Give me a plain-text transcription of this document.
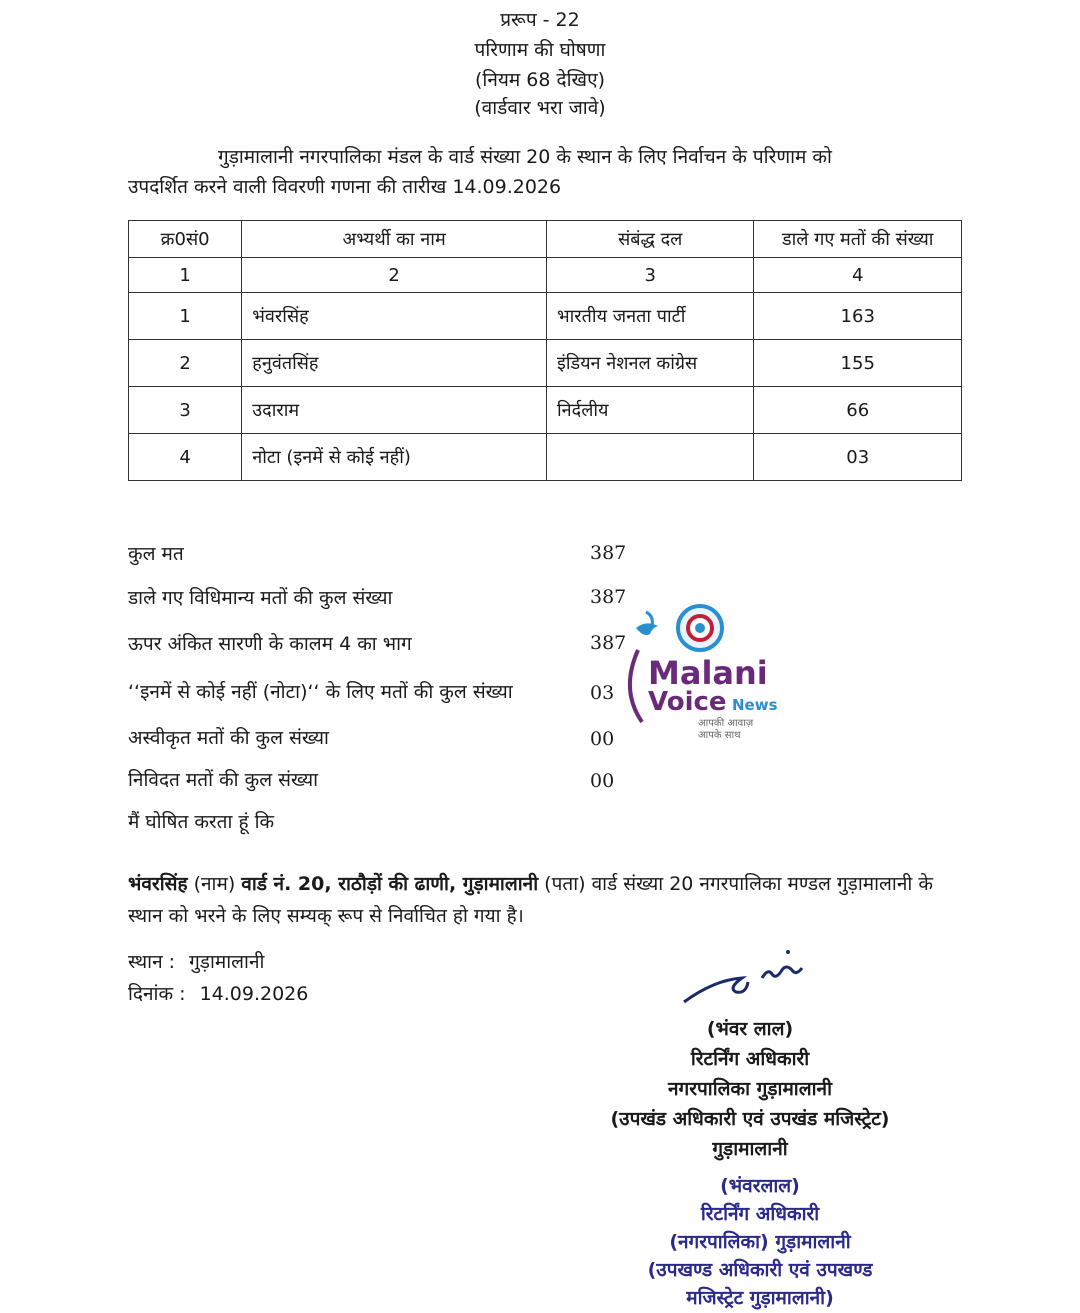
प्ररूप - 22
परिणाम की घोषणा
(नियम 68 देखिए)
(वार्डवार भरा जावे)
गुड़ामालानी नगरपालिका मंडल के वार्ड संख्या 20 के स्थान के लिए निर्वाचन के परिणाम को
उपदर्शित करने वाली विवरणी गणना की तारीख 14.09.2026
क्र0सं0	अभ्यर्थी का नाम	संबंद्ध दल	डाले गए मतों की संख्या
1	2	3	4
1	भंवरसिंह	भारतीय जनता पार्टी	163
2	हनुवंतसिंह	इंडियन नेशनल कांग्रेस	155
3	उदाराम	निर्दलीय	66
4	नोटा (इनमें से कोई नहीं)		03
कुल मत	387
डाले गए विधिमान्य मतों की कुल संख्या	387
ऊपर अंकित सारणी के कालम 4 का भाग	387
‘‘इनमें से कोई नहीं (नोटा)‘‘ के लिए मतों की कुल संख्या	03
अस्वीकृत मतों की कुल संख्या	00
निविदत मतों की कुल संख्या	00
मैं घोषित करता हूं कि
Malani
Voice News
आपकी आवाज़
आपके साथ
भंवरसिंह (नाम) वार्ड नं. 20, राठौड़ों की ढाणी, गुड़ामालानी (पता) वार्ड संख्या 20 नगरपालिका मण्डल गुड़ामालानी के स्थान को भरने के लिए सम्यक् रूप से निर्वाचित हो गया है।
स्थान : गुड़ामालानी
दिनांक : 14.09.2026
(भंवर लाल)
रिटर्निंग अधिकारी
नगरपालिका गुड़ामालानी
(उपखंड अधिकारी एवं उपखंड मजिस्ट्रेट)
गुड़ामालानी
(भंवरलाल)
रिटर्निंग अधिकारी
(नगरपालिका) गुड़ामालानी
(उपखण्ड अधिकारी एवं उपखण्ड
मजिस्ट्रेट गुड़ामालानी)
